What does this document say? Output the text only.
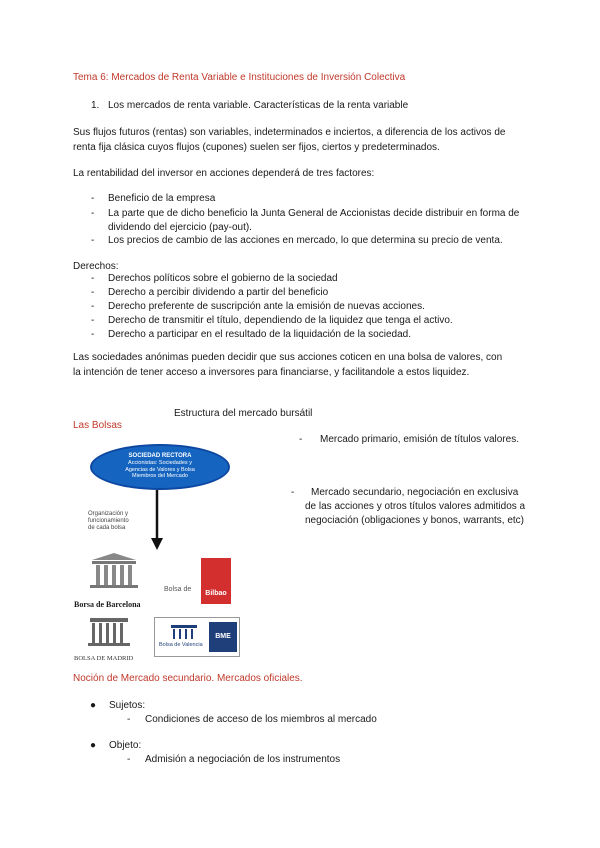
Tema 6: Mercados de Renta Variable e Instituciones de Inversión Colectiva
1. Los mercados de renta variable. Características de la renta variable
Sus flujos futuros (rentas) son variables, indeterminados e inciertos, a diferencia de los activos de
renta fija clásica cuyos flujos (cupones) suelen ser fijos, ciertos y predeterminados.
La rentabilidad del inversor en acciones dependerá de tres factores:
- Beneficio de la empresa
- La parte que de dicho beneficio la Junta General de Accionistas decide distribuir en forma de
dividendo del ejercicio (pay-out).
- Los precios de cambio de las acciones en mercado, lo que determina su precio de venta.
Derechos:
- Derechos políticos sobre el gobierno de la sociedad
- Derecho a percibir dividendo a partir del beneficio
- Derecho preferente de suscripción ante la emisión de nuevas acciones.
- Derecho de transmitir el título, dependiendo de la liquidez que tenga el activo.
- Derecho a participar en el resultado de la liquidación de la sociedad.
Las sociedades anónimas pueden decidir que sus acciones coticen en una bolsa de valores, con
la intención de tener acceso a inversores para financiarse, y facilitandole a estos liquidez.
Estructura del mercado bursátil
Las Bolsas
SOCIEDAD RECTORA
Accionistas: Sociedades y
Agencias de Valores y Bolsa
Miembros del Mercado
Organización y
funcionamiento
de cada bolsa
Borsa de Barcelona
Bolsa de
Bilbao
BOLSA DE MADRID
Bolsa de Valencia
BME
- Mercado primario, emisión de títulos valores.
- Mercado secundario, negociación en exclusiva
de las acciones y otros títulos valores admitidos a
negociación (obligaciones y bonos, warrants, etc)
Noción de Mercado secundario. Mercados oficiales.
● Sujetos:
- Condiciones de acceso de los miembros al mercado
● Objeto:
- Admisión a negociación de los instrumentos
